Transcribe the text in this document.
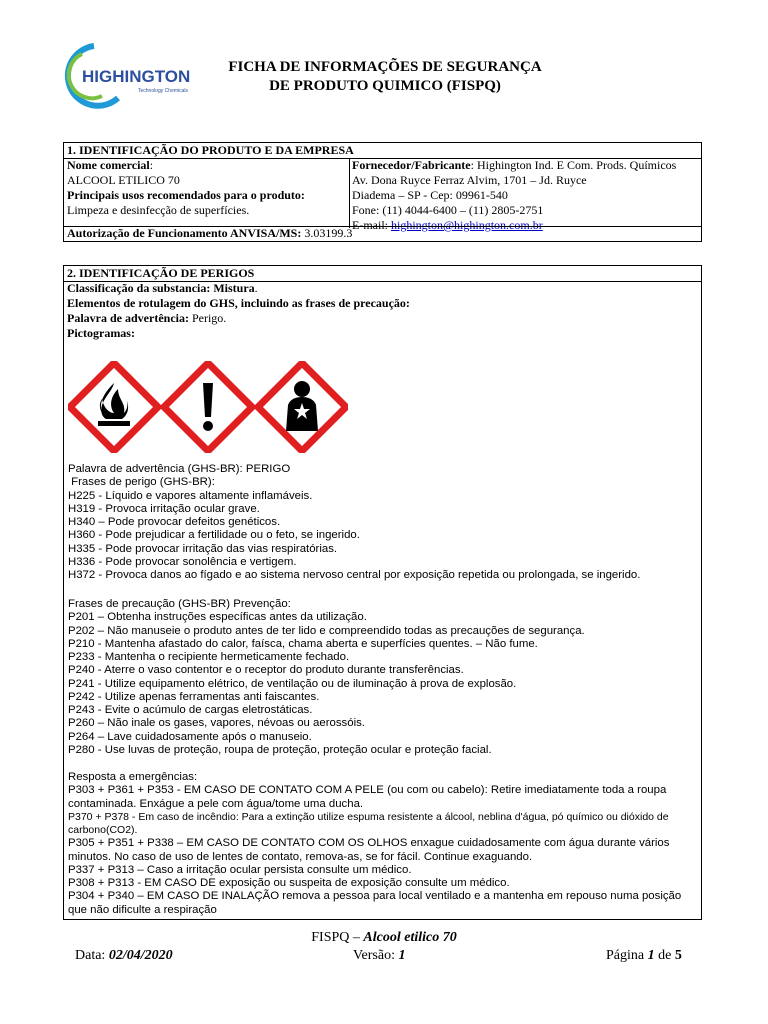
HIGHINGTON
Technology Chemicals
FICHA DE INFORMAÇÕES DE SEGURANÇA
DE PRODUTO QUIMICO (FISPQ)
1. IDENTIFICAÇÃO DO PRODUTO E DA EMPRESA
Nome comercial:
ALCOOL ETILICO 70
Principais usos recomendados para o produto:
Limpeza e desinfecção de superfícies.
Fornecedor/Fabricante: Highington Ind. E Com. Prods. Químicos
Av. Dona Ruyce Ferraz Alvim, 1701 – Jd. Ruyce
Diadema – SP - Cep: 09961-540
Fone: (11) 4044-6400 – (11) 2805-2751
E-mail: highington@highington.com.br
Autorização de Funcionamento ANVISA/MS: 3.03199.3
2. IDENTIFICAÇÃO DE PERIGOS
Classificação da substancia: Mistura.
Elementos de rotulagem do GHS, incluindo as frases de precaução:
Palavra de advertência: Perigo.
Pictogramas:
Palavra de advertência (GHS-BR): PERIGO
Frases de perigo (GHS-BR):
H225 - Líquido e vapores altamente inflamáveis.
H319 - Provoca irritação ocular grave.
H340 – Pode provocar defeitos genéticos.
H360 - Pode prejudicar a fertilidade ou o feto, se ingerido.
H335 - Pode provocar irritação das vias respiratórias.
H336 - Pode provocar sonolência e vertigem.
H372 - Provoca danos ao fígado e ao sistema nervoso central por exposição repetida ou prolongada, se ingerido.
Frases de precaução (GHS-BR) Prevenção:
P201 – Obtenha instruções específicas antes da utilização.
P202 – Não manuseie o produto antes de ter lido e compreendido todas as precauções de segurança.
P210 - Mantenha afastado do calor, faísca, chama aberta e superfícies quentes. – Não fume.
P233 - Mantenha o recipiente hermeticamente fechado.
P240 - Aterre o vaso contentor e o receptor do produto durante transferências.
P241 - Utilize equipamento elétrico, de ventilação ou de iluminação à prova de explosão.
P242 - Utilize apenas ferramentas anti faiscantes.
P243 - Evite o acúmulo de cargas eletrostáticas.
P260 – Não inale os gases, vapores, névoas ou aerossóis.
P264 – Lave cuidadosamente após o manuseio.
P280 - Use luvas de proteção, roupa de proteção, proteção ocular e proteção facial.
Resposta a emergências:
P303 + P361 + P353 - EM CASO DE CONTATO COM A PELE (ou com ou cabelo): Retire imediatamente toda a roupa contaminada. Enxágue a pele com água/tome uma ducha.
P370 + P378 - Em caso de incêndio: Para a extinção utilize espuma resistente a álcool, neblina d'água, pó químico ou dióxido de carbono(CO2).
P305 + P351 + P338 – EM CASO DE CONTATO COM OS OLHOS enxague cuidadosamente com água durante vários minutos. No caso de uso de lentes de contato, remova-as, se for fácil. Continue exaguando.
P337 + P313 – Caso a irritação ocular persista consulte um médico.
P308 + P313 - EM CASO DE exposição ou suspeita de exposição consulte um médico.
P304 + P340 – EM CASO DE INALAÇÃO remova a pessoa para local ventilado e a mantenha em repouso numa posição que não dificulte a respiração
FISPQ – Alcool etilico 70
Data: 02/04/2020	Versão: 1	Página 1 de 5
